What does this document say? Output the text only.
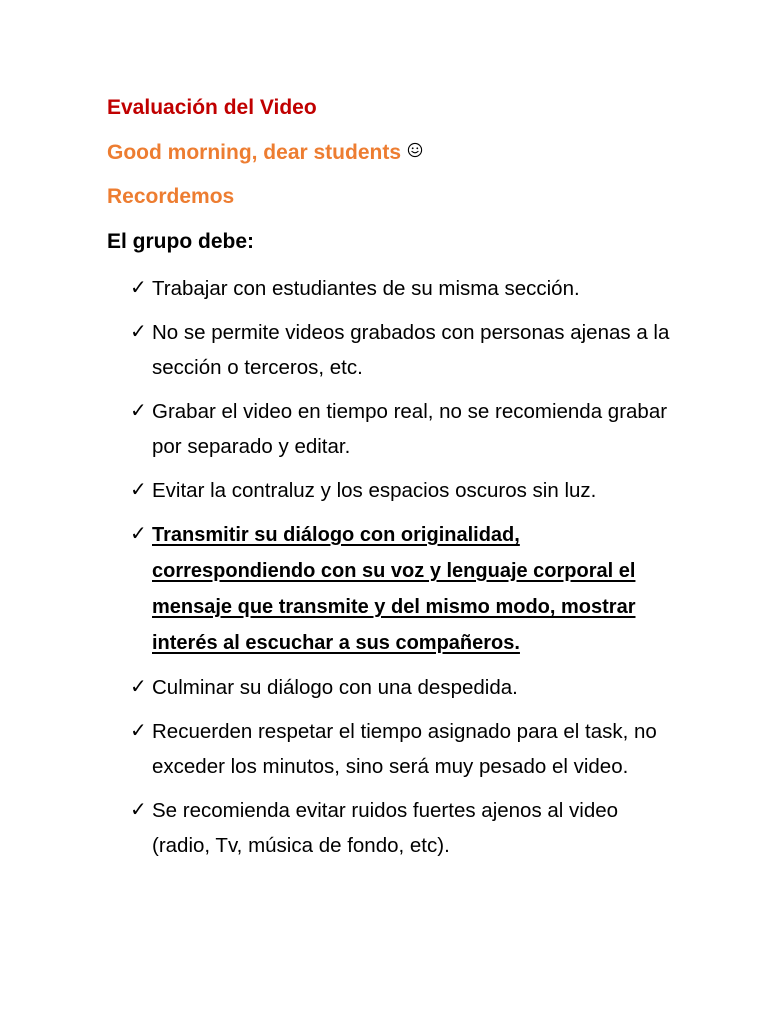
Evaluación del Video
Good morning, dear students
Recordemos
El grupo debe:
✓ Trabajar con estudiantes de su misma sección.
✓ No se permite videos grabados con personas ajenas a la sección o terceros, etc.
✓ Grabar el video en tiempo real, no se recomienda grabar por separado y editar.
✓ Evitar la contraluz y los espacios oscuros sin luz.
✓ Transmitir su diálogo con originalidad, correspondiendo con su voz y lenguaje corporal el mensaje que transmite y del mismo modo, mostrar interés al escuchar a sus compañeros.
✓ Culminar su diálogo con una despedida.
✓ Recuerden respetar el tiempo asignado para el task, no exceder los minutos, sino será muy pesado el video.
✓ Se recomienda evitar ruidos fuertes ajenos al video (radio, Tv, música de fondo, etc).
